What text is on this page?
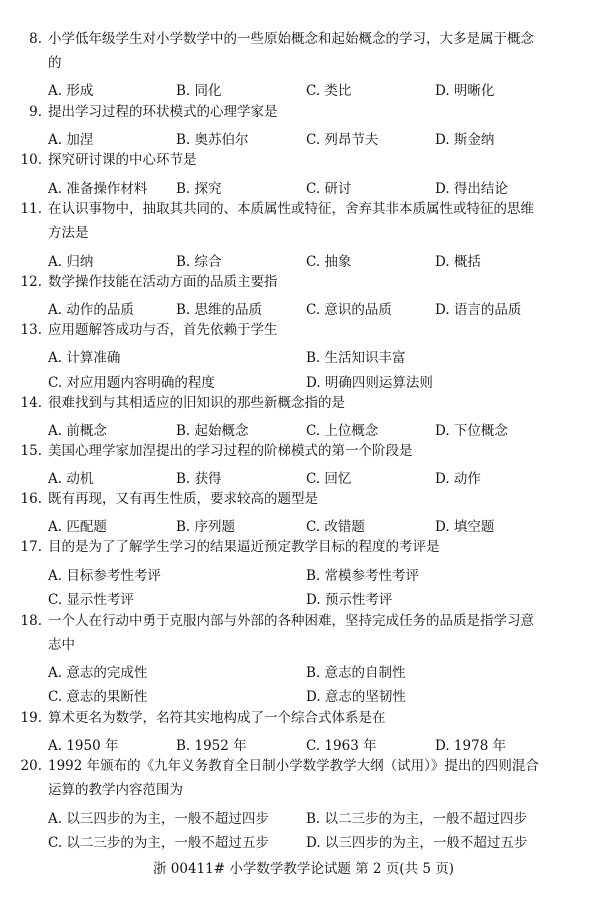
8. 小学低年级学生对小学数学中的一些原始概念和起始概念的学习，大多是属于概念
的
A. 形成	B. 同化	C. 类比	D. 明晰化
9. 提出学习过程的环状模式的心理学家是
A. 加涅	B. 奥苏伯尔	C. 列昂节夫	D. 斯金纳
10. 探究研讨课的中心环节是
A. 准备操作材料 B. 探究	C. 研讨	D. 得出结论
11. 在认识事物中，抽取其共同的、本质属性或特征，舍弃其非本质属性或特征的思维
方法是
A. 归纳	B. 综合	C. 抽象	D. 概括
12. 数学操作技能在活动方面的品质主要指
A. 动作的品质	B. 思维的品质	C. 意识的品质	D. 语言的品质
13. 应用题解答成功与否，首先依赖于学生
A. 计算准确	B. 生活知识丰富
C. 对应用题内容明确的程度	D. 明确四则运算法则
14. 很难找到与其相适应的旧知识的那些新概念指的是
A. 前概念	B. 起始概念	C. 上位概念	D. 下位概念
15. 美国心理学家加涅提出的学习过程的阶梯模式的第一个阶段是
A. 动机	B. 获得	C. 回忆	D. 动作
16. 既有再现，又有再生性质，要求较高的题型是
A. 匹配题	B. 序列题	C. 改错题	D. 填空题
17. 目的是为了了解学生学习的结果逼近预定教学目标的程度的考评是
A. 目标参考性考评	B. 常模参考性考评
C. 显示性考评	D. 预示性考评
18. 一个人在行动中勇于克服内部与外部的各种困难，坚持完成任务的品质是指学习意
志中
A. 意志的完成性	B. 意志的自制性
C. 意志的果断性	D. 意志的坚韧性
19. 算术更名为数学，名符其实地构成了一个综合式体系是在
A. 1950 年	B. 1952 年	C. 1963 年	D. 1978 年
20. 1992 年颁布的《九年义务教育全日制小学数学教学大纲（试用）》提出的四则混合
运算的教学内容范围为
A. 以三四步的为主，一般不超过四步	B. 以二三步的为主，一般不超过四步
C. 以二三步的为主，一般不超过五步	D. 以三四步的为主，一般不超过五步
浙 00411# 小学数学教学论试题 第 2 页(共 5 页)
